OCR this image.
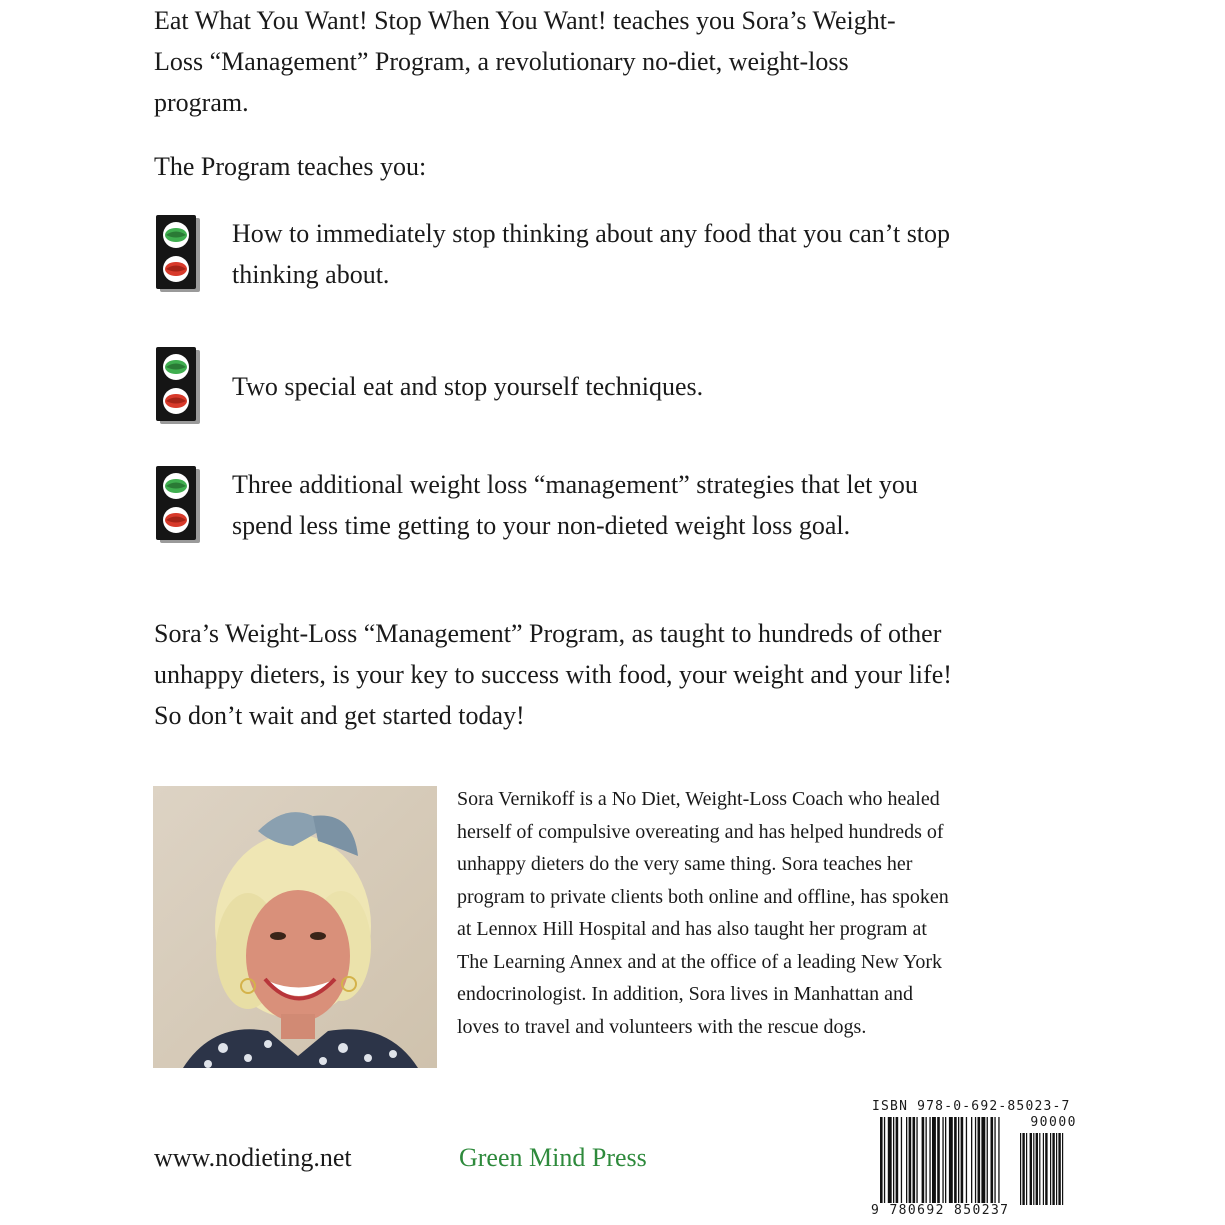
Eat What You Want! Stop When You Want! teaches you Sora’s Weight-Loss “Management” Program, a revolutionary no-diet, weight-loss program.

The Program teaches you:

How to immediately stop thinking about any food that you can’t stop thinking about.

Two special eat and stop yourself techniques.

Three additional weight loss “management” strategies that let you spend less time getting to your non-dieted weight loss goal.

Sora’s Weight-Loss “Management” Program, as taught to hundreds of other unhappy dieters, is your key to success with food, your weight and your life! So don’t wait and get started today!

Sora Vernikoff is a No Diet, Weight-Loss Coach who healed herself of compulsive overeating and has helped hundreds of unhappy dieters do the very same thing. Sora teaches her program to private clients both online and offline, has spoken at Lennox Hill Hospital and has also taught her program at The Learning Annex and at the office of a leading New York endocrinologist. In addition, Sora lives in Manhattan and loves to travel and volunteers with the rescue dogs.

www.nodieting.net	Green Mind Press

ISBN 978-0-692-85023-7

90000

9 780692 850237
